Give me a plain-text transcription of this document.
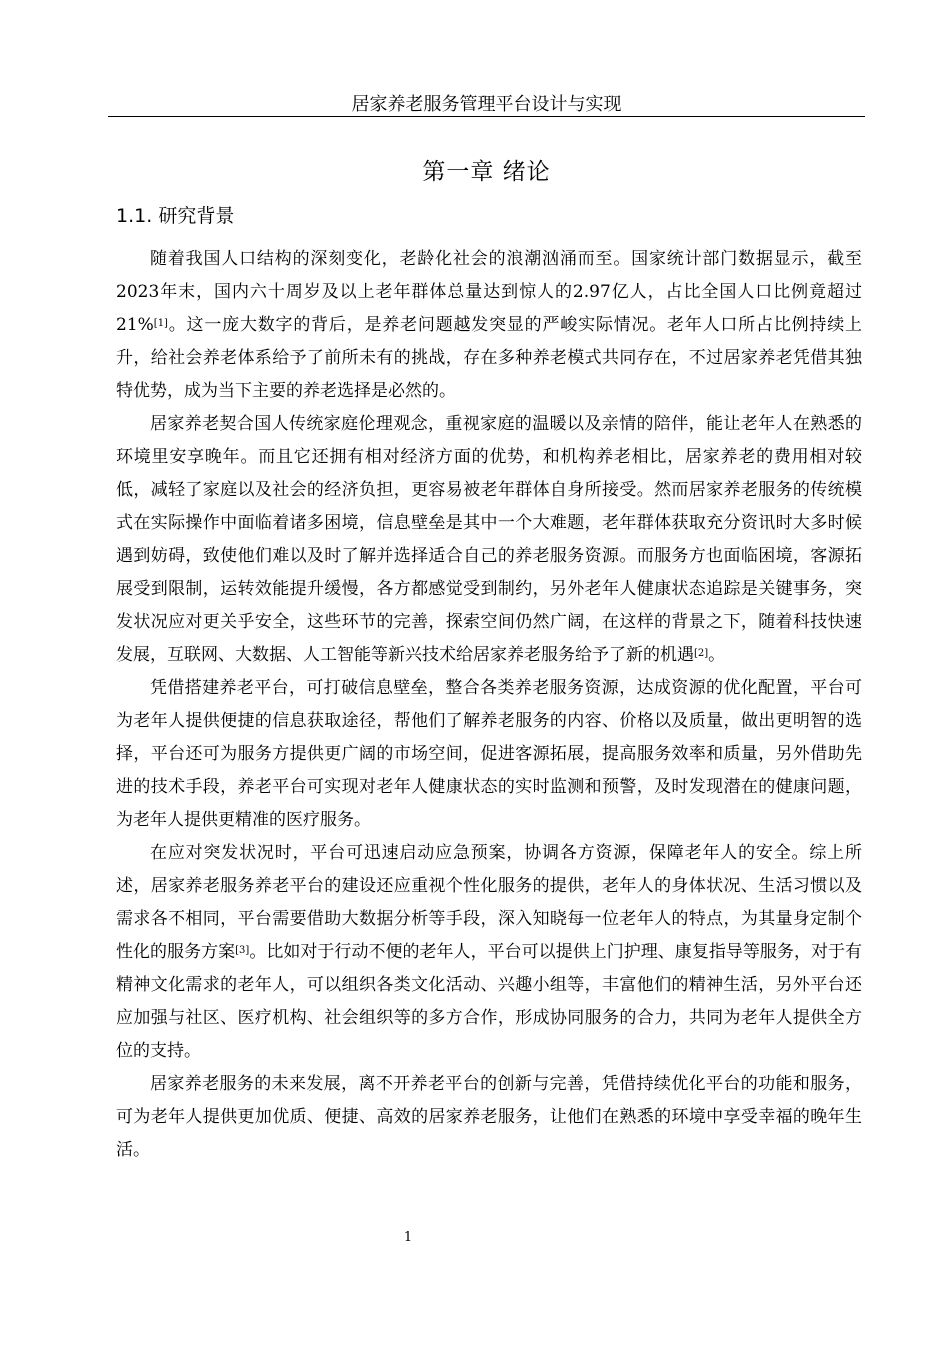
居家养老服务管理平台设计与实现
第一章 绪论
1.1. 研究背景

随着我国人口结构的深刻变化，老龄化社会的浪潮汹涌而至。国家统计部门数据显示，截至2023年末，国内六十周岁及以上老年群体总量达到惊人的2.97亿人，占比全国人口比例竟超过21%[1]。这一庞大数字的背后，是养老问题越发突显的严峻实际情况。老年人口所占比例持续上升，给社会养老体系给予了前所未有的挑战，存在多种养老模式共同存在，不过居家养老凭借其独特优势，成为当下主要的养老选择是必然的。

居家养老契合国人传统家庭伦理观念，重视家庭的温暖以及亲情的陪伴，能让老年人在熟悉的环境里安享晚年。而且它还拥有相对经济方面的优势，和机构养老相比，居家养老的费用相对较低，减轻了家庭以及社会的经济负担，更容易被老年群体自身所接受。然而居家养老服务的传统模式在实际操作中面临着诸多困境，信息壁垒是其中一个大难题，老年群体获取充分资讯时大多时候遇到妨碍，致使他们难以及时了解并选择适合自己的养老服务资源。而服务方也面临困境，客源拓展受到限制，运转效能提升缓慢，各方都感觉受到制约，另外老年人健康状态追踪是关键事务，突发状况应对更关乎安全，这些环节的完善，探索空间仍然广阔，在这样的背景之下，随着科技快速发展，互联网、大数据、人工智能等新兴技术给居家养老服务给予了新的机遇[2]。

凭借搭建养老平台，可打破信息壁垒，整合各类养老服务资源，达成资源的优化配置，平台可为老年人提供便捷的信息获取途径，帮他们了解养老服务的内容、价格以及质量，做出更明智的选择，平台还可为服务方提供更广阔的市场空间，促进客源拓展，提高服务效率和质量，另外借助先进的技术手段，养老平台可实现对老年人健康状态的实时监测和预警，及时发现潜在的健康问题，为老年人提供更精准的医疗服务。

在应对突发状况时，平台可迅速启动应急预案，协调各方资源，保障老年人的安全。综上所述，居家养老服务养老平台的建设还应重视个性化服务的提供，老年人的身体状况、生活习惯以及需求各不相同，平台需要借助大数据分析等手段，深入知晓每一位老年人的特点，为其量身定制个性化的服务方案[3]。比如对于行动不便的老年人，平台可以提供上门护理、康复指导等服务，对于有精神文化需求的老年人，可以组织各类文化活动、兴趣小组等，丰富他们的精神生活，另外平台还应加强与社区、医疗机构、社会组织等的多方合作，形成协同服务的合力，共同为老年人提供全方位的支持。

居家养老服务的未来发展，离不开养老平台的创新与完善，凭借持续优化平台的功能和服务，可为老年人提供更加优质、便捷、高效的居家养老服务，让他们在熟悉的环境中享受幸福的晚年生活。

1
